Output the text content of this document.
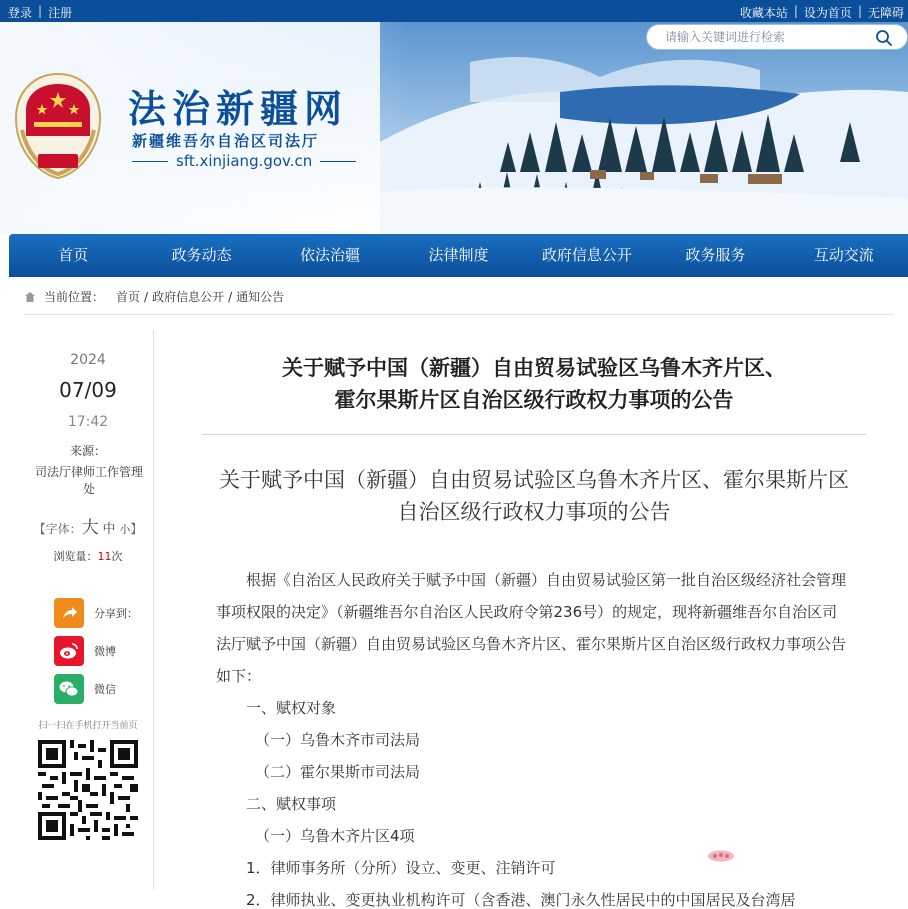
登录 | 注册	收藏本站 | 设为首页 | 无障碍
中国司法
法治新疆网
新疆维吾尔自治区司法厅
sft.xinjiang.gov.cn
请输入关键词进行检索
首页	政务动态	依法治疆	法律制度	政府信息公开	政务服务	互动交流
当前位置： 首页 / 政府信息公开 / 通知公告
2024
07/09
17:42
来源：
司法厅律师工作管理处
【字体：大 中 小】
浏览量：11次
分享到：
微博
微信
扫一扫在手机打开当前页
关于赋予中国（新疆）自由贸易试验区乌鲁木齐片区、
霍尔果斯片区自治区级行政权力事项的公告
关于赋予中国（新疆）自由贸易试验区乌鲁木齐片区、霍尔果斯片区自治区级行政权力事项的公告

根据《自治区人民政府关于赋予中国（新疆）自由贸易试验区第一批自治区级经济社会管理事项权限的决定》（新疆维吾尔自治区人民政府令第236号）的规定，现将新疆维吾尔自治区司法厅赋予中国（新疆）自由贸易试验区乌鲁木齐片区、霍尔果斯片区自治区级行政权力事项公告如下：

一、赋权对象
（一）乌鲁木齐市司法局
（二）霍尔果斯市司法局
二、赋权事项
（一）乌鲁木齐片区4项
1．律师事务所（分所）设立、变更、注销许可
2．律师执业、变更执业机构许可（含香港、澳门永久性居民中的中国居民及台湾居
